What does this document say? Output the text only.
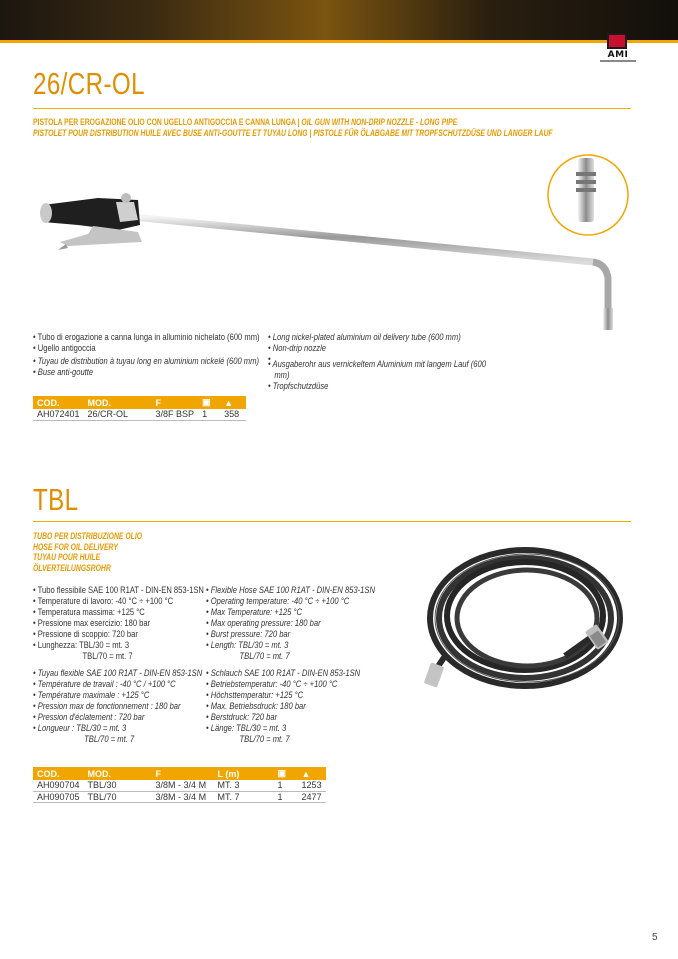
AMI
26/CR-OL
PISTOLA PER EROGAZIONE OLIO CON UGELLO ANTIGOCCIA E CANNA LUNGA | OIL GUN WITH NON-DRIP NOZZLE - LONG PIPE
PISTOLET POUR DISTRIBUTION HUILE AVEC BUSE ANTI-GOUTTE ET TUYAU LONG | PISTOLE FÜR ÖLABGABE MIT TROPFSCHUTZDÜSE UND LANGER LAUF
• Tubo di erogazione a canna lunga in alluminio nichelato (600 mm)
• Ugello antigoccia
• Tuyau de distribution à tuyau long en aluminium nickelé (600 mm)
• Buse anti-goutte
• Long nickel-plated aluminium oil delivery tube (600 mm)
• Non-drip nozzle
•
• Ausgaberohr aus vernickeltem Aluminium mit langem Lauf (600
mm)
• Tropfschutzdüse
COD.	MOD.	F	▣	▲
AH072401	26/CR-OL	3/8F BSP	1	358
TBL
TUBO PER DISTRIBUZIONE OLIO
HOSE FOR OIL DELIVERY
TUYAU POUR HUILE
ÖLVERTEILUNGSROHR
• Tubo flessibile SAE 100 R1AT - DIN-EN 853-1SN
• Temperature di lavoro: -40 °C ÷ +100 °C
• Temperatura massima: +125 °C
• Pressione max esercizio: 180 bar
• Pressione di scoppio: 720 bar
• Lunghezza: TBL/30 = mt. 3
TBL/70 = mt. 7
• Flexible Hose SAE 100 R1AT - DIN-EN 853-1SN
• Operating temperature: -40 °C ÷ +100 °C
• Max Temperature: +125 °C
• Max operating pressure: 180 bar
• Burst pressure: 720 bar
• Length: TBL/30 = mt. 3
TBL/70 = mt. 7
• Tuyau flexible SAE 100 R1AT - DIN-EN 853-1SN
• Température de travail : -40 °C / +100 °C
• Température maximale : +125 °C
• Pression max de fonctionnement : 180 bar
• Pression d'éclatement : 720 bar
• Longueur : TBL/30 = mt. 3
TBL/70 = mt. 7
• Schlauch SAE 100 R1AT - DIN-EN 853-1SN
• Betriebstemperatur: -40 °C ÷ +100 °C
• Höchsttemperatur: +125 °C
• Max. Betriebsdruck: 180 bar
• Berstdruck: 720 bar
• Länge: TBL/30 = mt. 3
TBL/70 = mt. 7
COD.	MOD.	F	L (m)	▣	▲
AH090704	TBL/30	3/8M - 3/4 M	MT. 3	1	1253
AH090705	TBL/70	3/8M - 3/4 M	MT. 7	1	2477
5
